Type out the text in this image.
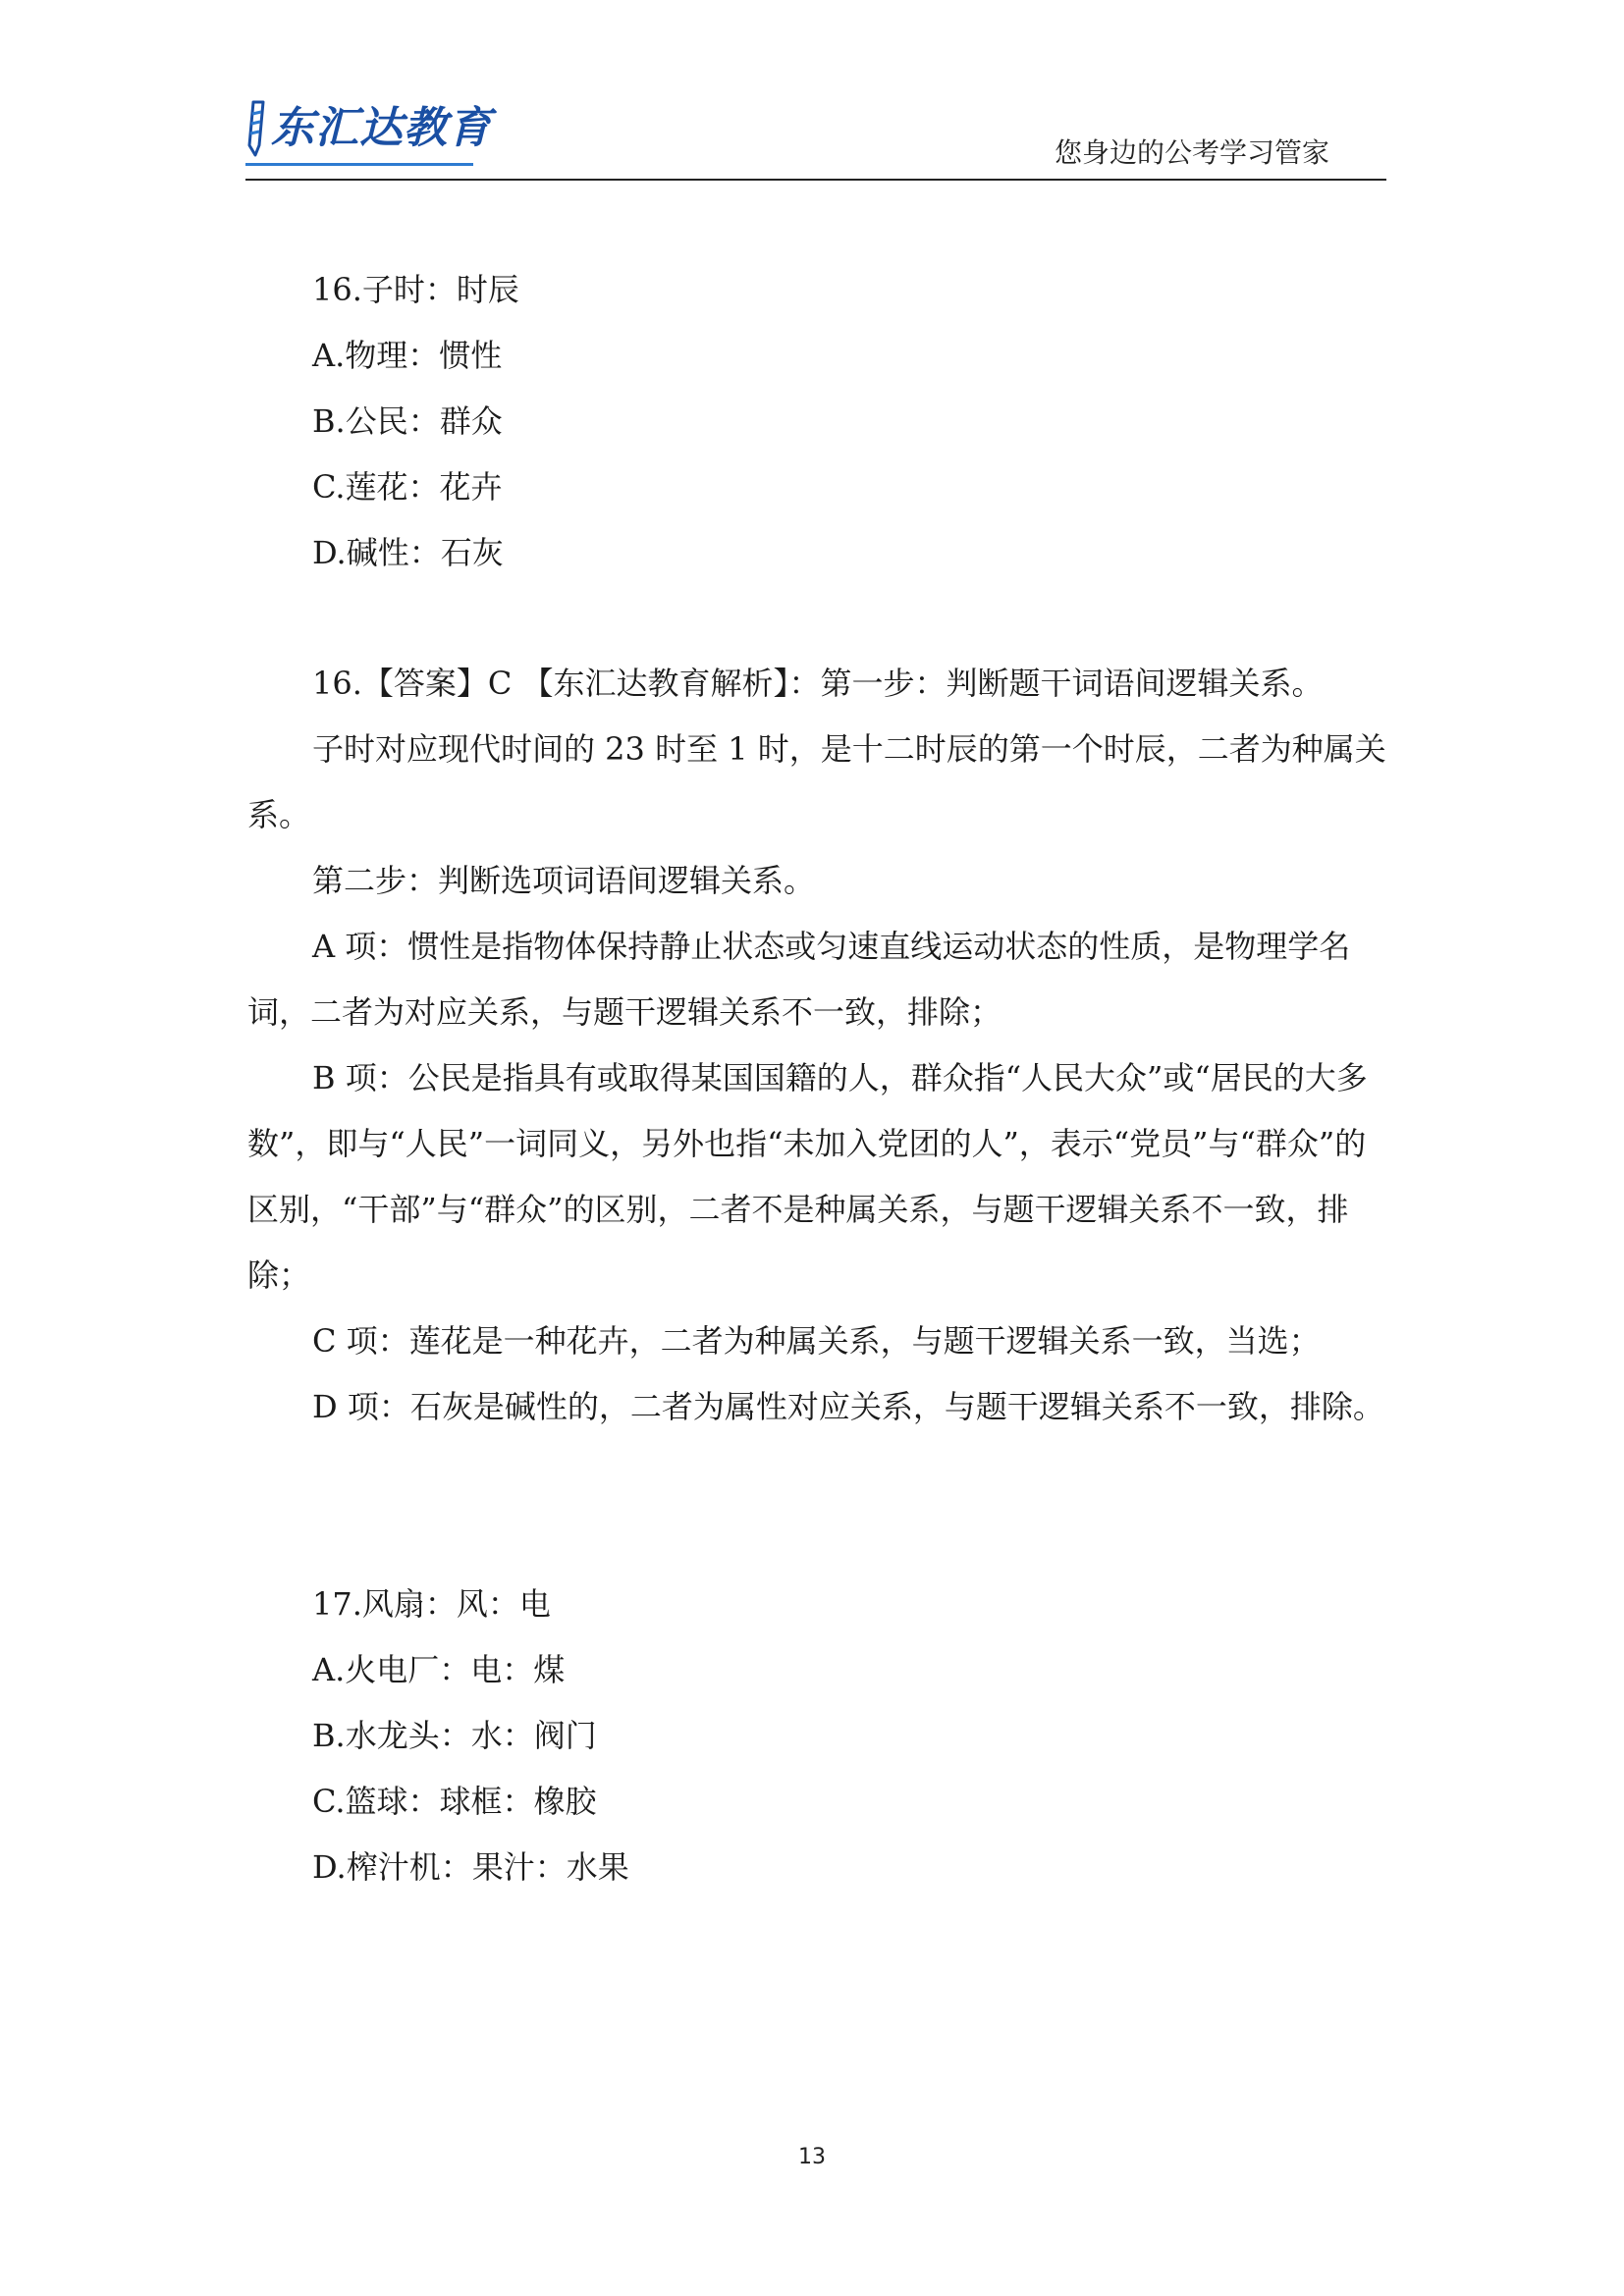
东汇达教育	您身边的公考学习管家

16.子时：时辰

A.物理：惯性

B.公民：群众

C.莲花：花卉

D.碱性：石灰

16.【答案】C 【东汇达教育解析】：第一步：判断题干词语间逻辑关系。

子时对应现代时间的 23 时至 1 时，是十二时辰的第一个时辰，二者为种属关系。

第二步：判断选项词语间逻辑关系。

A 项：惯性是指物体保持静止状态或匀速直线运动状态的性质，是物理学名词，二者为对应关系，与题干逻辑关系不一致，排除；

B 项：公民是指具有或取得某国国籍的人，群众指“人民大众”或“居民的大多数”，即与“人民”一词同义，另外也指“未加入党团的人”，表示“党员”与“群众”的区别，“干部”与“群众”的区别，二者不是种属关系，与题干逻辑关系不一致，排除；

C 项：莲花是一种花卉，二者为种属关系，与题干逻辑关系一致，当选；

D 项：石灰是碱性的，二者为属性对应关系，与题干逻辑关系不一致，排除。

17.风扇：风：电

A.火电厂：电：煤

B.水龙头：水：阀门

C.篮球：球框：橡胶

D.榨汁机：果汁：水果

13
